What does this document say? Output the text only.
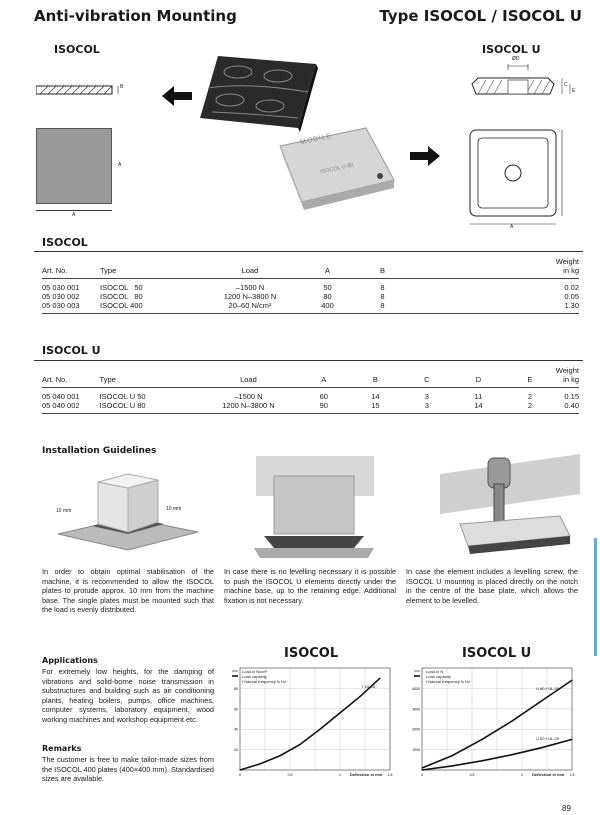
Anti-vibration Mounting	Type ISOCOL / ISOCOL U
ISOCOL	ISOCOL U
B
A
A
MOBILE
ISOCOL U 80
ØD
C
E
A
ISOCOL
Art. No.	Type	Load	A	B		Weight
in kg

05 030 001	ISOCOL   50	–1500 N	50	8		0.02
05 030 002	ISOCOL   80	1200 N–3800 N	80	8		0.05
05 030 003	ISOCOL 400	20–60 N/cm²	400	8		1.30

ISOCOL U
Art. No.	Type	Load	A	B	C	D	E	Weight
in kg

05 040 001	ISOCOL U 50	–1500 N	60	14	3	11	2	0.15
05 040 002	ISOCOL U 80	1200 N–3800 N	90	15	3	14	2	0.40

Installation Guidelines
10 mm	10 mm
In order to obtain optimal stabilisation of the machine, it is recommended to allow the ISOCOL plates to protude approx. 10 mm from the machine base. The single plates must be mounted such that the load is evenly distributed.
In case there is no levelling necessary it is possible to push the ISOCOL U elements directly under the machine base, up to the retaining edge. Additional fixation is not necessary.
In case the element includes a levelling screw, the ISOCOL U mounting is placed directly on the notch in the centre of the base plate, which allows the element to be levelled.
Applications
For extremely low heights, for the damping of vibrations and solid-borne noise transmission in substructures and building such as air conditioning plants, heating boilers, pumps, office machines, computer systems, laboratory equipment, wood working machines and workshop equipment etc.
Remarks
The customer is free to make tailor-made sizes from the ISOCOL 400 plates (400×400 mm). Standardised sizes are available.
ISOCOL
80
60
40
20
0	0.5	1	1.5
Load in N/cm²
Load capacity
f Natural frequency in Hz
f 10–15
Deflection in mm
ISOCOL U
4000
3000
2000
1000
0	0.5	1	1.5
Load in N
Load capacity
f Natural frequency in Hz
U 80 f 18–25
U 50 f 18–25
Deflection in mm
89
